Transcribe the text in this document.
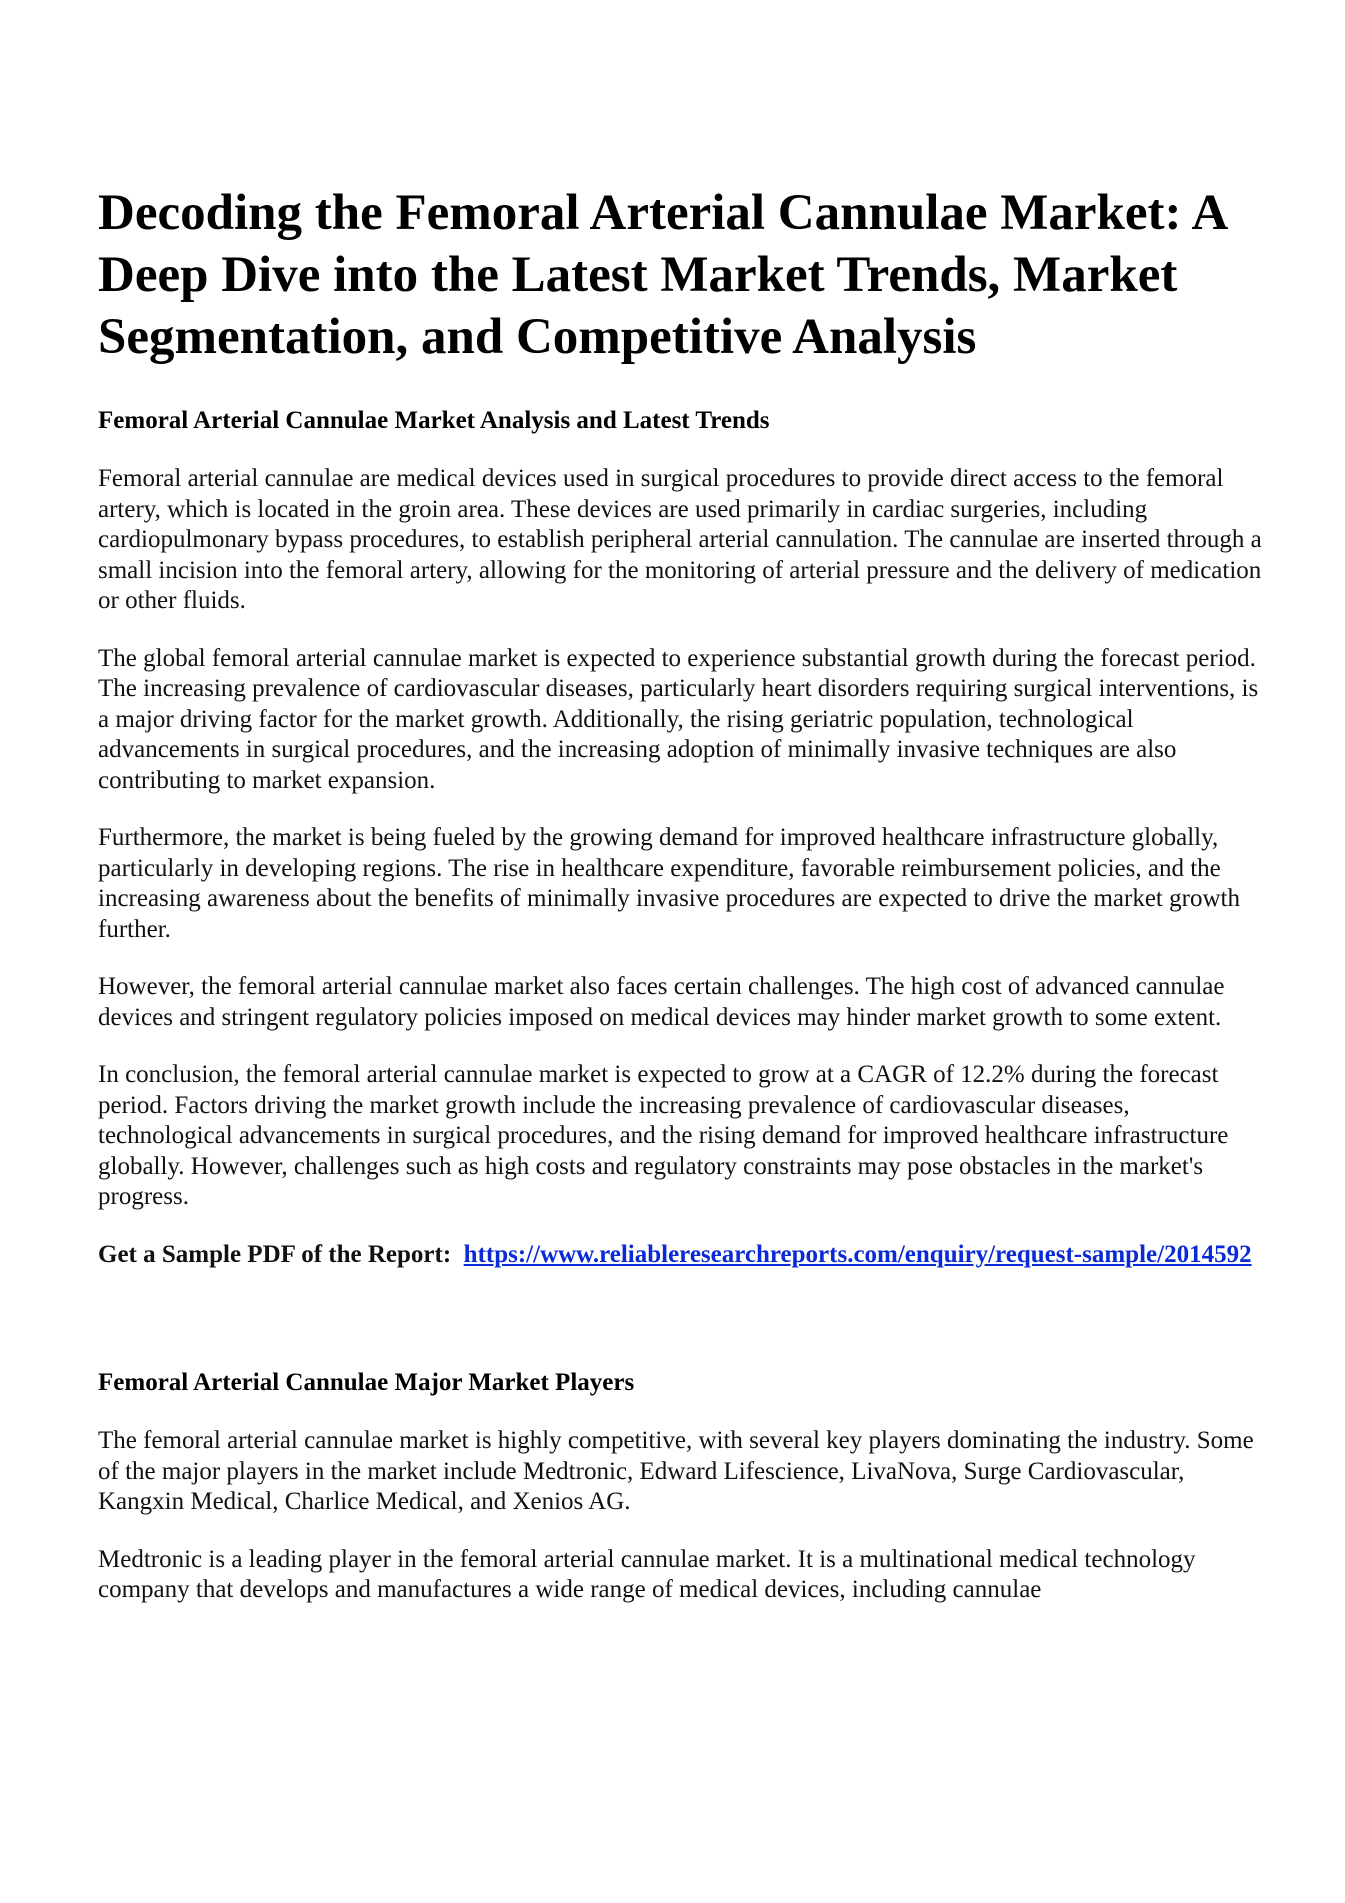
Decoding the Femoral Arterial Cannulae Market: A Deep Dive into the Latest Market Trends, Market Segmentation, and Competitive Analysis
Femoral Arterial Cannulae Market Analysis and Latest Trends

Femoral arterial cannulae are medical devices used in surgical procedures to provide direct access to the femoral artery, which is located in the groin area. These devices are used primarily in cardiac surgeries, including cardiopulmonary bypass procedures, to establish peripheral arterial cannulation. The cannulae are inserted through a small incision into the femoral artery, allowing for the monitoring of arterial pressure and the delivery of medication or other fluids.

The global femoral arterial cannulae market is expected to experience substantial growth during the forecast period. The increasing prevalence of cardiovascular diseases, particularly heart disorders requiring surgical interventions, is a major driving factor for the market growth. Additionally, the rising geriatric population, technological advancements in surgical procedures, and the increasing adoption of minimally invasive techniques are also contributing to market expansion.

Furthermore, the market is being fueled by the growing demand for improved healthcare infrastructure globally, particularly in developing regions. The rise in healthcare expenditure, favorable reimbursement policies, and the increasing awareness about the benefits of minimally invasive procedures are expected to drive the market growth further.

However, the femoral arterial cannulae market also faces certain challenges. The high cost of advanced cannulae devices and stringent regulatory policies imposed on medical devices may hinder market growth to some extent.

In conclusion, the femoral arterial cannulae market is expected to grow at a CAGR of 12.2% during the forecast period. Factors driving the market growth include the increasing prevalence of cardiovascular diseases, technological advancements in surgical procedures, and the rising demand for improved healthcare infrastructure globally. However, challenges such as high costs and regulatory constraints may pose obstacles in the market's progress.

Get a Sample PDF of the Report: https://www.reliableresearchreports.com/enquiry/request-sample/2014592

Femoral Arterial Cannulae Major Market Players

The femoral arterial cannulae market is highly competitive, with several key players dominating the industry. Some of the major players in the market include Medtronic, Edward Lifescience, LivaNova, Surge Cardiovascular, Kangxin Medical, Charlice Medical, and Xenios AG.

Medtronic is a leading player in the femoral arterial cannulae market. It is a multinational medical technology company that develops and manufactures a wide range of medical devices, including cannulae
